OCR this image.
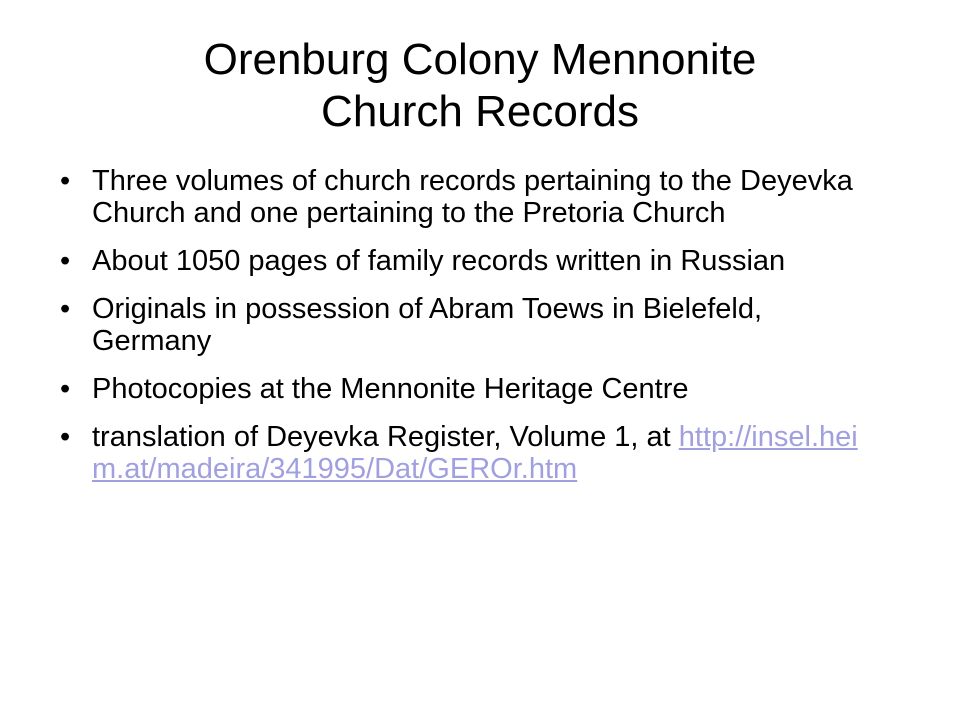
Orenburg Colony Mennonite
Church Records
• Three volumes of church records pertaining to the Deyevka Church and one pertaining to the Pretoria Church
• About 1050 pages of family records written in Russian
• Originals in possession of Abram Toews in Bielefeld, Germany
• Photocopies at the Mennonite Heritage Centre
• translation of Deyevka Register, Volume 1, at http://insel.heim.at/madeira/341995/Dat/GEROr.htm
